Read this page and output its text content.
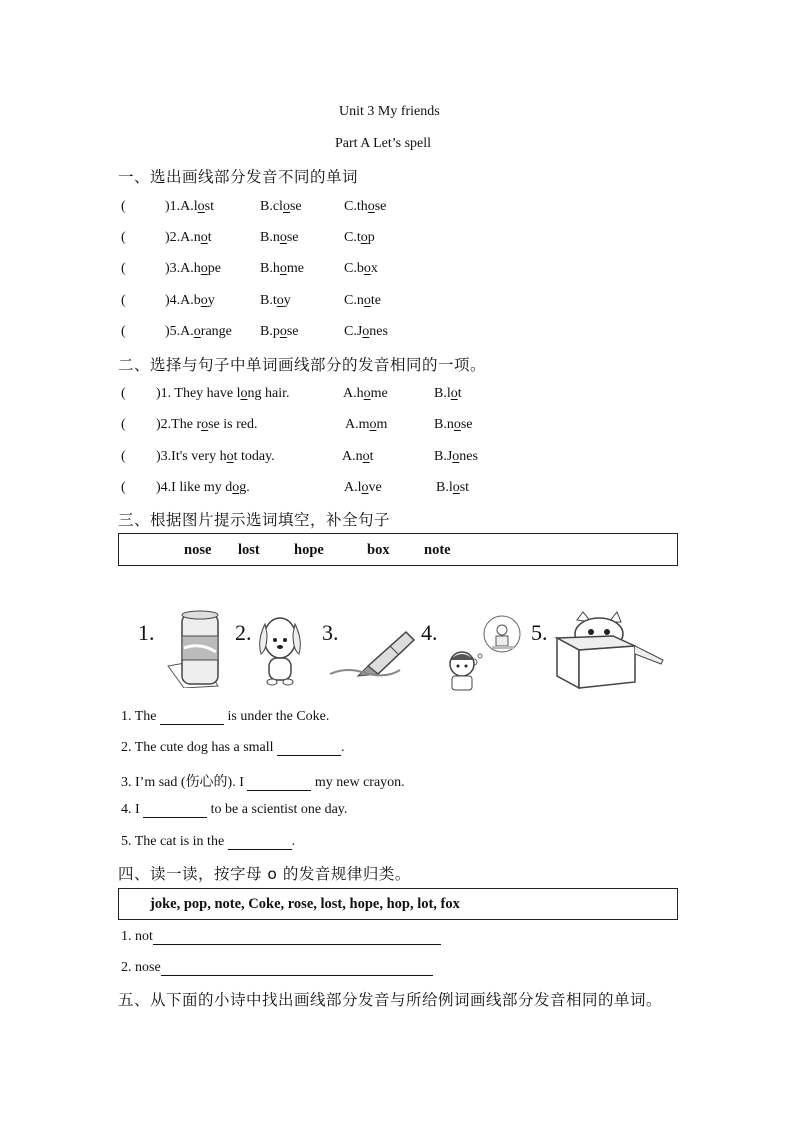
Unit 3 My friends
Part A Let’s spell
一、选出画线部分发音不同的单词
(	)1.A.lost	B.close	C.those
(	)2.A.not	B.nose	C.top
(	)3.A.hope	B.home	C.box
(	)4.A.boy	B.toy	C.note
(	)5.A.orange B.pose	C.Jones
二、选择与句子中单词画线部分的发音相同的一项。
( )1. They have long hair.	A.home	B.lot
( )2.The rose is red.	A.mom	B.nose
( )3.It's very hot today.	A.not	B.Jones
( )4.I like my dog.	A.love	B.lost
三、根据图片提示选词填空，补全句子
nose lost hope	box note
1.	2.	3.	4.	5.
1. The	is under the Coke.
2. The cute dog has a small	.
3. I’m sad (伤心的). I	my new crayon.
4. I	to be a scientist one day.
5. The cat is in the	.
四、读一读，按字母 o 的发音规律归类。
joke, pop, note, Coke, rose, lost, hope, hop, lot, fox
1. not
2. nose
五、从下面的小诗中找出画线部分发音与所给例词画线部分发音相同的单词。
